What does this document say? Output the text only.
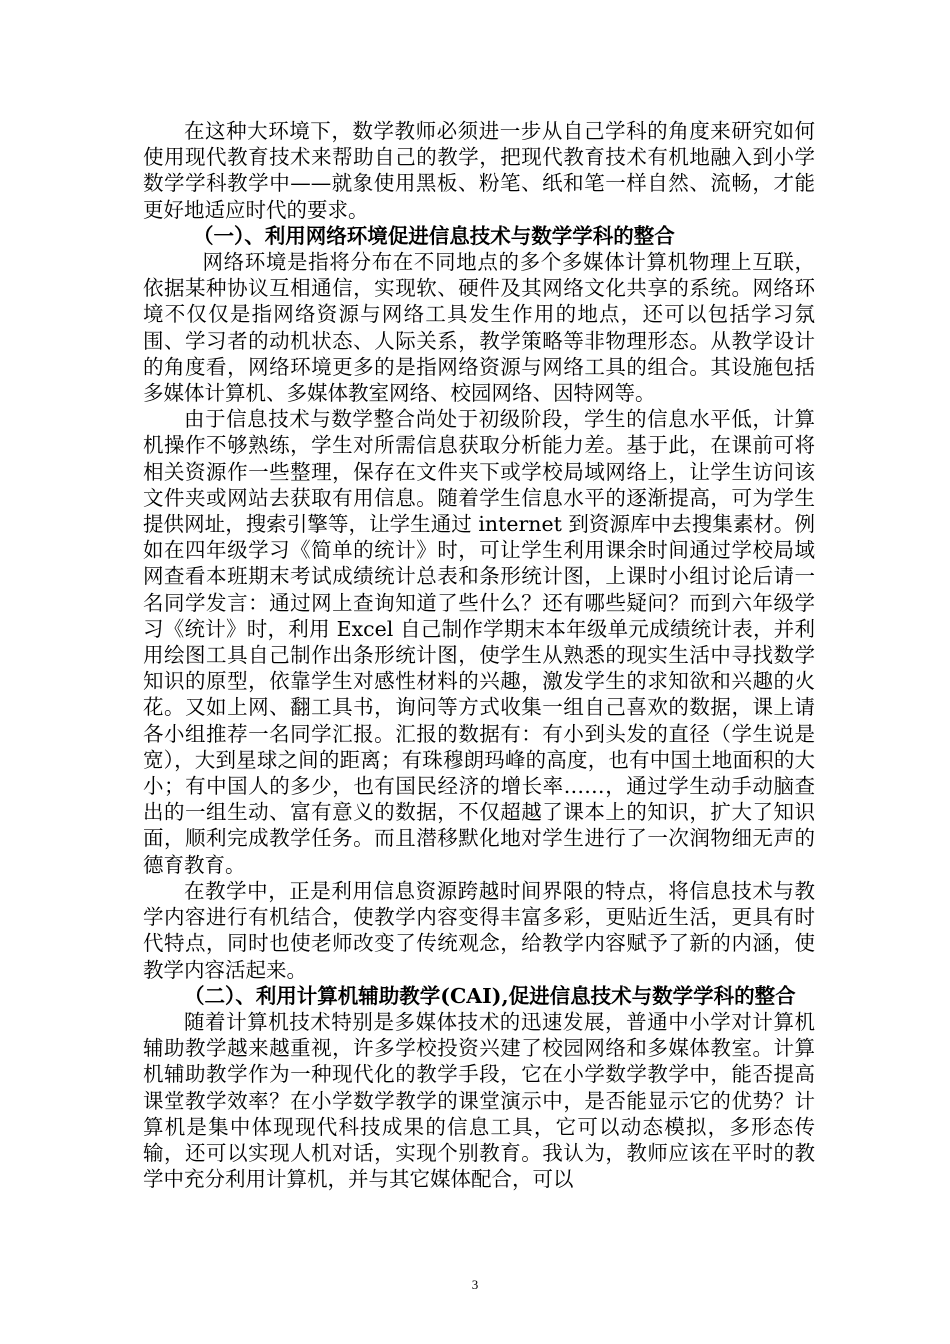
在这种大环境下，数学教师必须进一步从自己学科的角度来研究如何使用现代教育技术来帮助自己的教学，把现代教育技术有机地融入到小学数学学科教学中——就象使用黑板、粉笔、纸和笔一样自然、流畅，才能更好地适应时代的要求。

（一）、利用网络环境促进信息技术与数学学科的整合

网络环境是指将分布在不同地点的多个多媒体计算机物理上互联，依据某种协议互相通信，实现软、硬件及其网络文化共享的系统。网络环境不仅仅是指网络资源与网络工具发生作用的地点，还可以包括学习氛围、学习者的动机状态、人际关系，教学策略等非物理形态。从教学设计的角度看，网络环境更多的是指网络资源与网络工具的组合。其设施包括多媒体计算机、多媒体教室网络、校园网络、因特网等。

由于信息技术与数学整合尚处于初级阶段，学生的信息水平低，计算机操作不够熟练，学生对所需信息获取分析能力差。基于此，在课前可将相关资源作一些整理，保存在文件夹下或学校局域网络上，让学生访问该文件夹或网站去获取有用信息。随着学生信息水平的逐渐提高，可为学生提供网址，搜索引擎等，让学生通过 internet 到资源库中去搜集素材。例如在四年级学习《简单的统计》时，可让学生利用课余时间通过学校局域网查看本班期末考试成绩统计总表和条形统计图，上课时小组讨论后请一名同学发言：通过网上查询知道了些什么？还有哪些疑问？而到六年级学习《统计》时，利用 Excel 自己制作学期末本年级单元成绩统计表，并利用绘图工具自己制作出条形统计图，使学生从熟悉的现实生活中寻找数学知识的原型，依靠学生对感性材料的兴趣，激发学生的求知欲和兴趣的火花。又如上网、翻工具书，询问等方式收集一组自己喜欢的数据，课上请各小组推荐一名同学汇报。汇报的数据有：有小到头发的直径（学生说是宽），大到星球之间的距离；有珠穆朗玛峰的高度，也有中国土地面积的大小；有中国人的多少，也有国民经济的增长率……，通过学生动手动脑查出的一组生动、富有意义的数据，不仅超越了课本上的知识，扩大了知识面，顺利完成教学任务。而且潜移默化地对学生进行了一次润物细无声的德育教育。

在教学中，正是利用信息资源跨越时间界限的特点，将信息技术与教学内容进行有机结合，使教学内容变得丰富多彩，更贴近生活，更具有时代特点，同时也使老师改变了传统观念，给教学内容赋予了新的内涵，使教学内容活起来。

（二）、利用计算机辅助教学(CAI),促进信息技术与数学学科的整合

随着计算机技术特别是多媒体技术的迅速发展，普通中小学对计算机辅助教学越来越重视，许多学校投资兴建了校园网络和多媒体教室。计算机辅助教学作为一种现代化的教学手段，它在小学数学教学中，能否提高课堂教学效率？在小学数学教学的课堂演示中，是否能显示它的优势？计算机是集中体现现代科技成果的信息工具，它可以动态模拟，多形态传输，还可以实现人机对话，实现个别教育。我认为，教师应该在平时的教学中充分利用计算机，并与其它媒体配合，可以

3
